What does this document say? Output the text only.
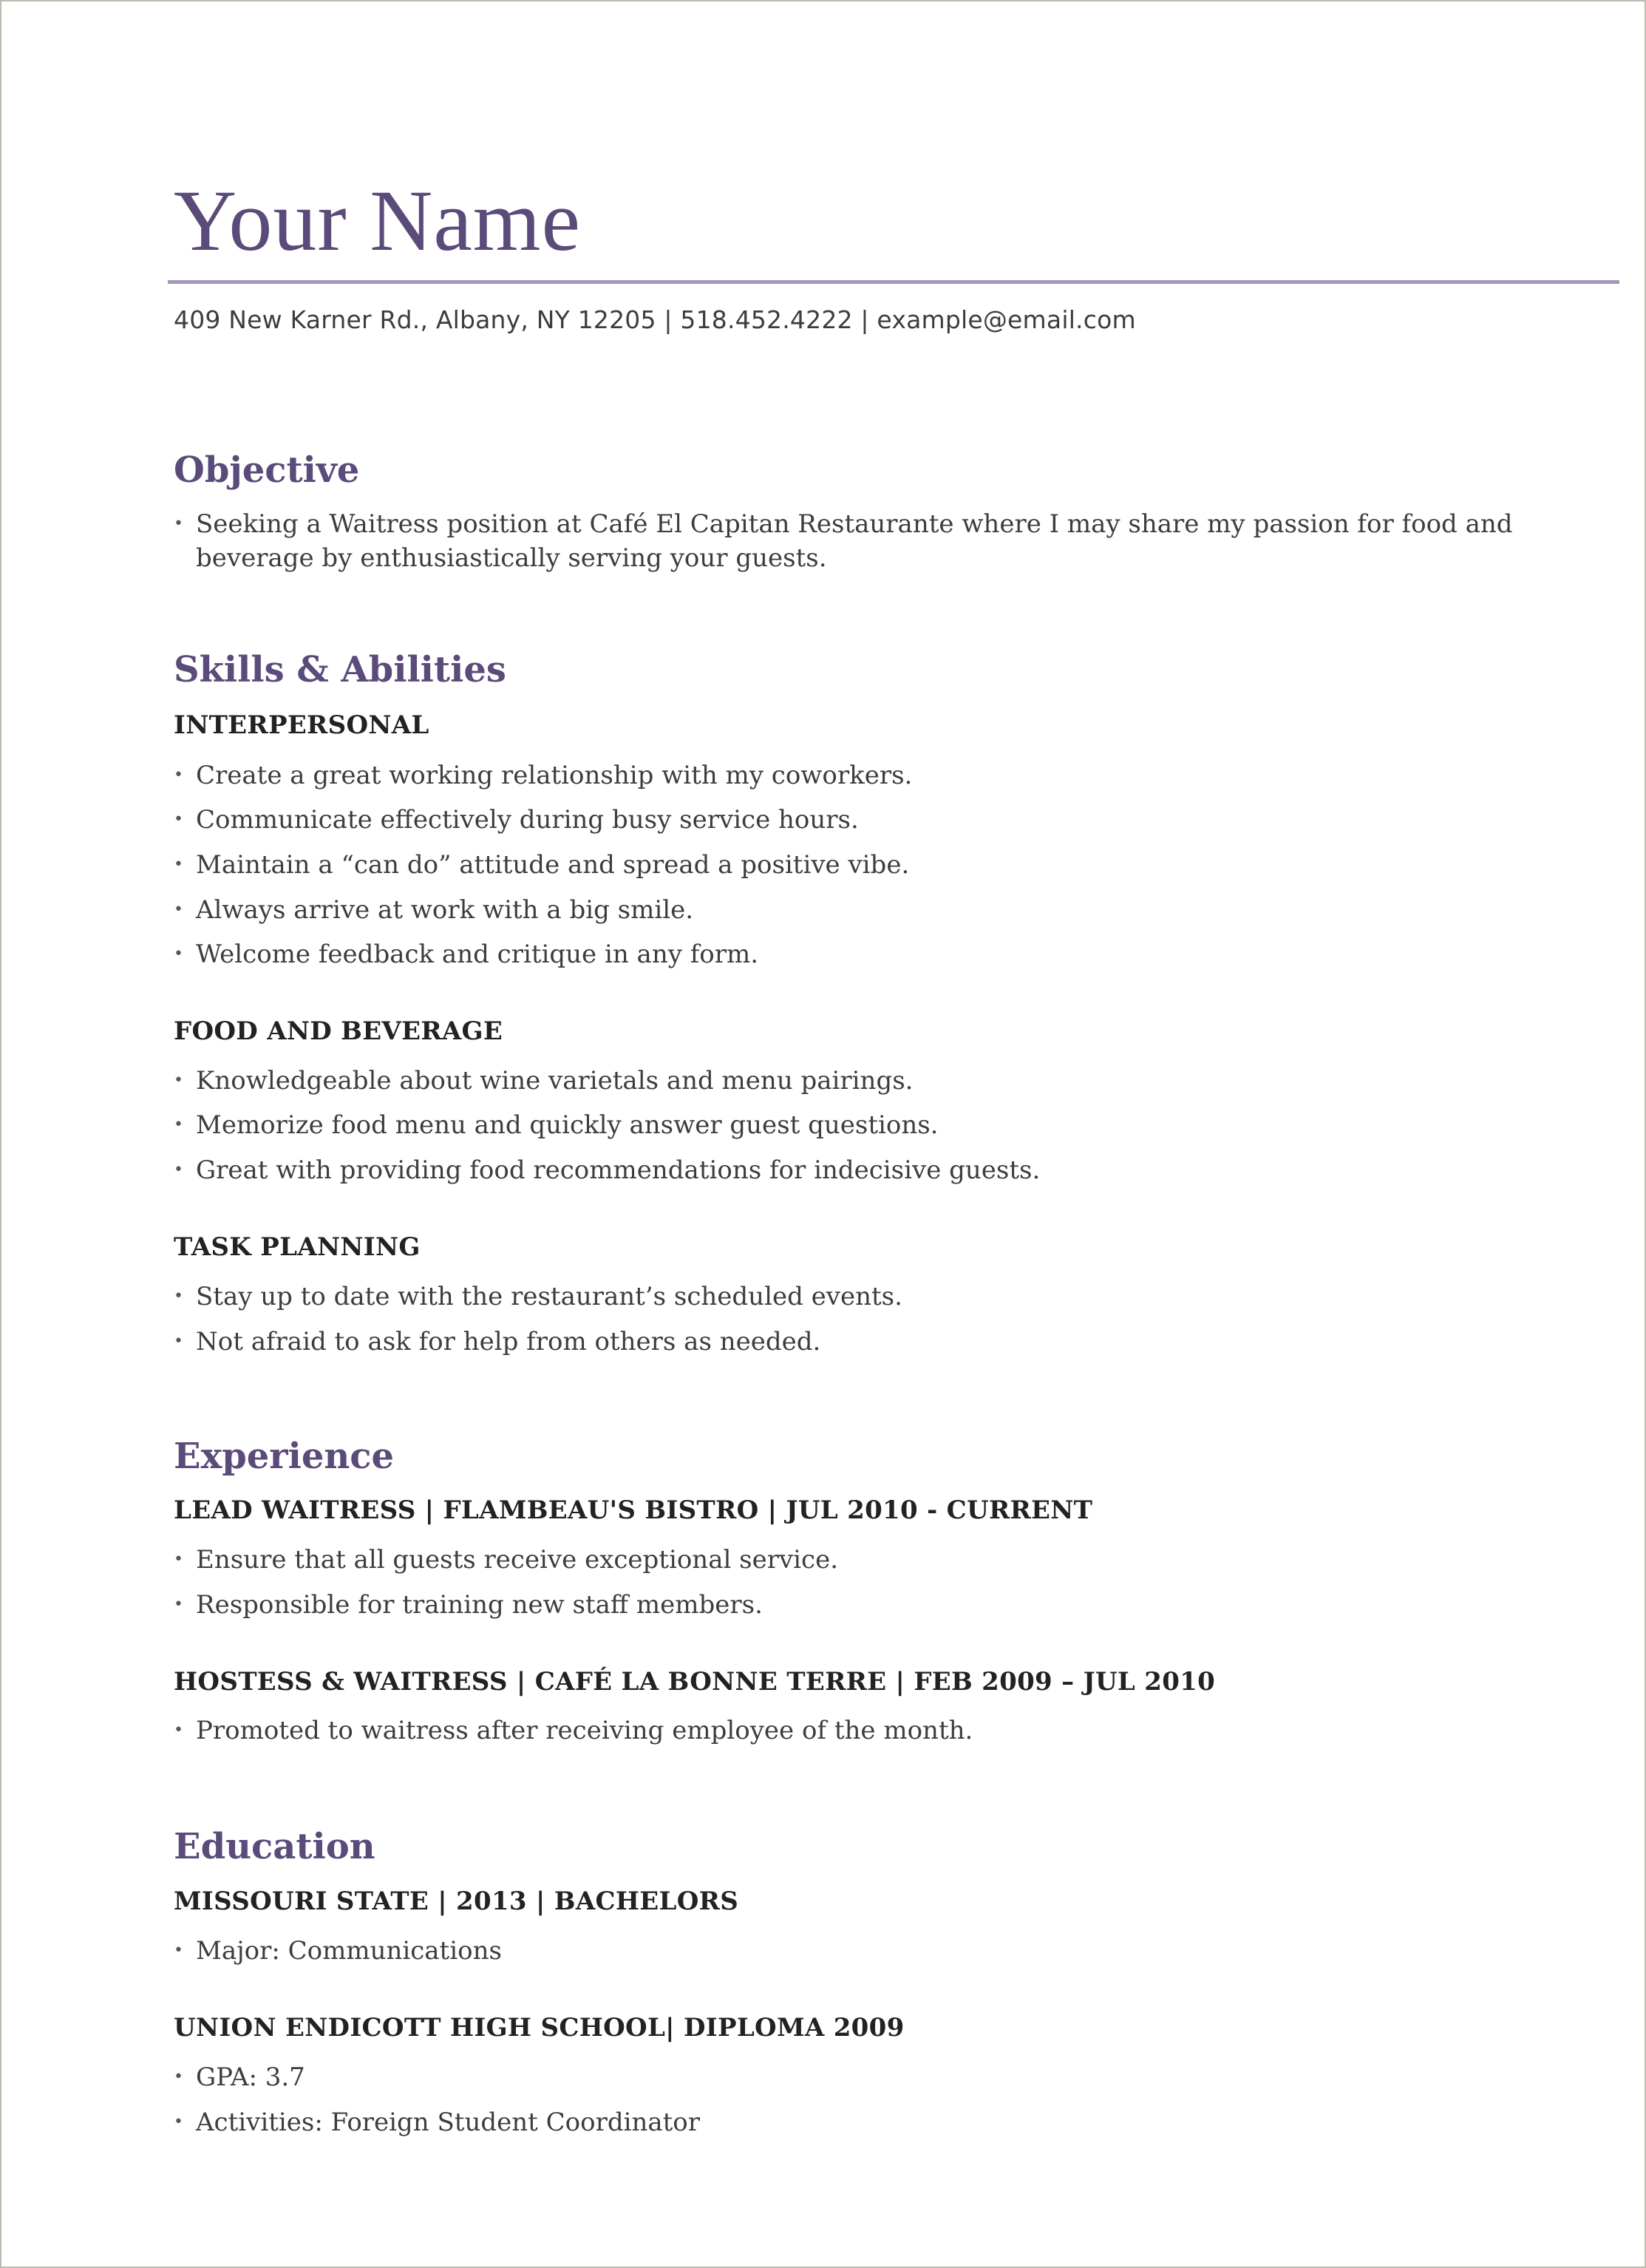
Your Name
409 New Karner Rd., Albany, NY 12205 | 518.452.4222 | example@email.com
Objective
• Seeking a Waitress position at Café El Capitan Restaurante where I may share my passion for food and beverage by enthusiastically serving your guests.
Skills & Abilities
INTERPERSONAL
• Create a great working relationship with my coworkers.
• Communicate effectively during busy service hours.
• Maintain a “can do” attitude and spread a positive vibe.
• Always arrive at work with a big smile.
• Welcome feedback and critique in any form.
FOOD AND BEVERAGE
• Knowledgeable about wine varietals and menu pairings.
• Memorize food menu and quickly answer guest questions.
• Great with providing food recommendations for indecisive guests.
TASK PLANNING
• Stay up to date with the restaurant’s scheduled events.
• Not afraid to ask for help from others as needed.
Experience
LEAD WAITRESS | FLAMBEAU'S BISTRO | JUL 2010 - CURRENT
• Ensure that all guests receive exceptional service.
• Responsible for training new staff members.
HOSTESS & WAITRESS | CAFÉ LA BONNE TERRE | FEB 2009 – JUL 2010
• Promoted to waitress after receiving employee of the month.
Education
MISSOURI STATE | 2013 | BACHELORS
• Major: Communications
UNION ENDICOTT HIGH SCHOOL| DIPLOMA 2009
• GPA: 3.7
• Activities: Foreign Student Coordinator
